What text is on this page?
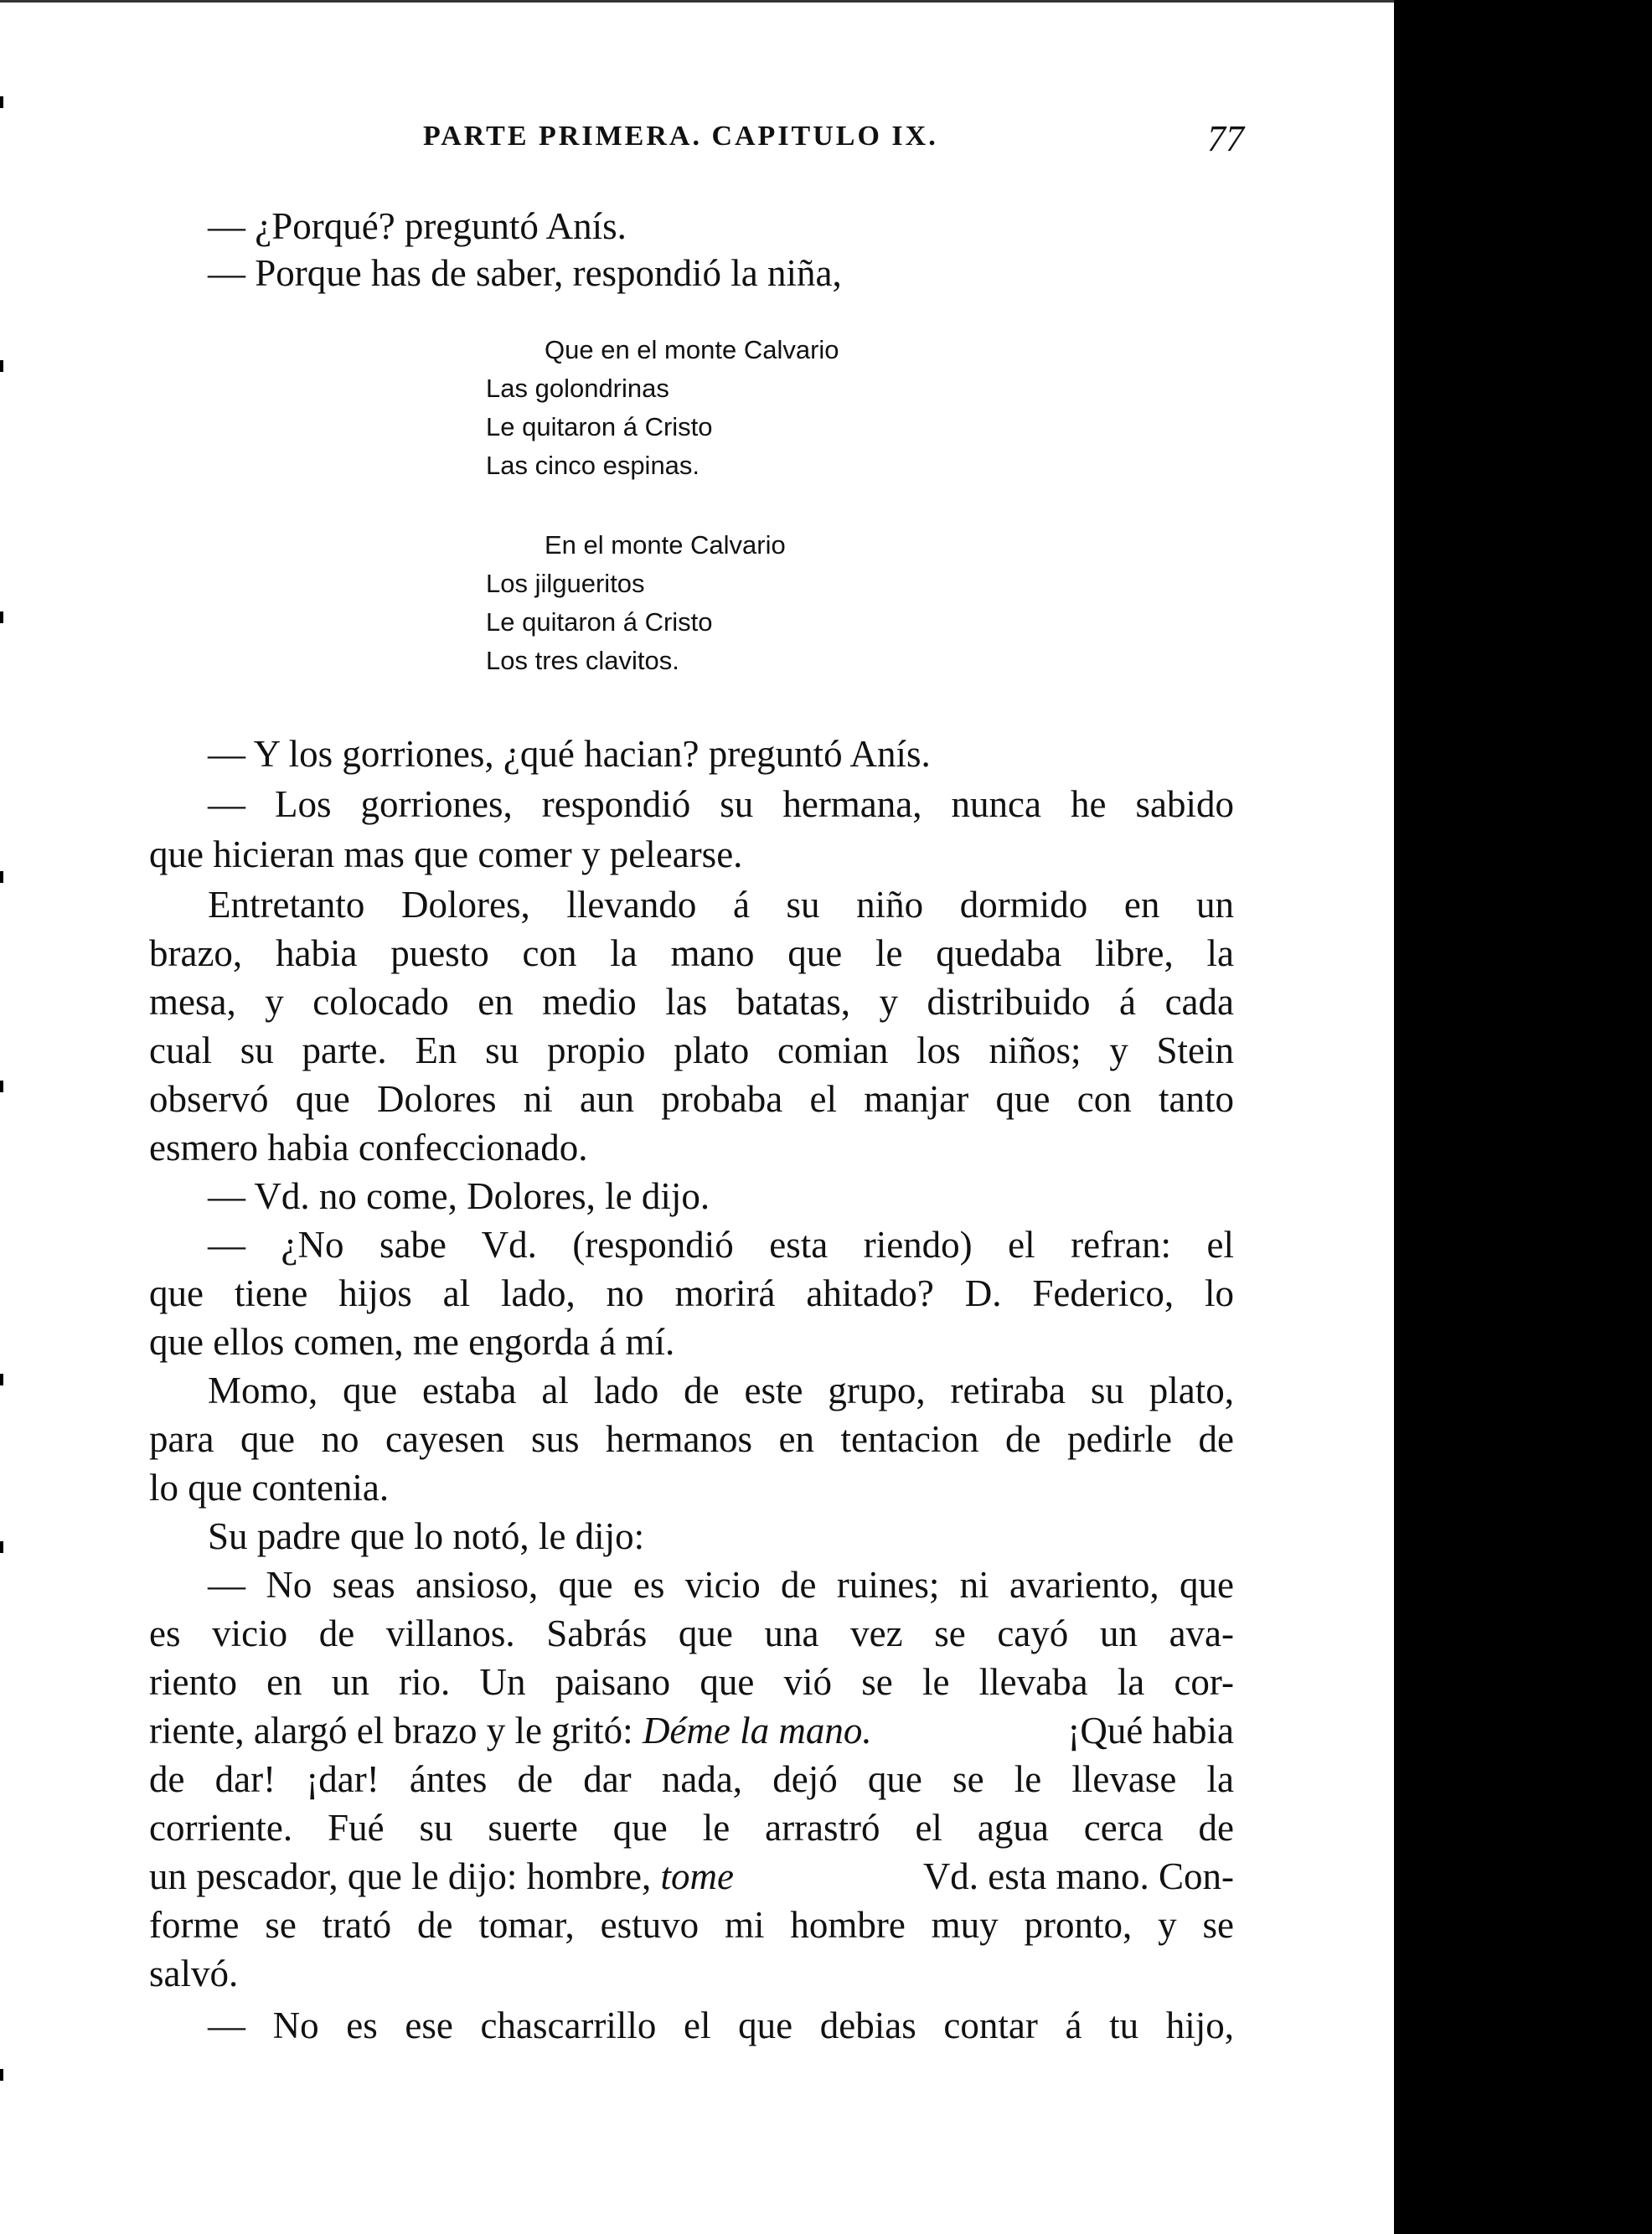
PARTE PRIMERA. CAPITULO IX.	77
— ¿Porqué? preguntó Anís.
— Porque has de saber, respondió la niña,
Que en el monte Calvario
Las golondrinas
Le quitaron á Cristo
Las cinco espinas.
En el monte Calvario
Los jilgueritos
Le quitaron á Cristo
Los tres clavitos.
— Y los gorriones, ¿qué hacian? preguntó Anís.
— Los gorriones, respondió su hermana, nunca he sabido
que hicieran mas que comer y pelearse.
Entretanto Dolores, llevando á su niño dormido en un
brazo, habia puesto con la mano que le quedaba libre, la
mesa, y colocado en medio las batatas, y distribuido á cada
cual su parte. En su propio plato comian los niños; y Stein
observó que Dolores ni aun probaba el manjar que con tanto
esmero habia confeccionado.
— Vd. no come, Dolores, le dijo.
— ¿No sabe Vd. (respondió esta riendo) el refran: el
que tiene hijos al lado, no morirá ahitado? D. Federico, lo
que ellos comen, me engorda á mí.
Momo, que estaba al lado de este grupo, retiraba su plato,
para que no cayesen sus hermanos en tentacion de pedirle de
lo que contenia.
Su padre que lo notó, le dijo:
— No seas ansioso, que es vicio de ruines; ni avariento, que
es vicio de villanos. Sabrás que una vez se cayó un ava-
riento en un rio. Un paisano que vió se le llevaba la cor-
riente, alargó el brazo y le gritó: Déme la mano.	¡Qué habia
de dar! ¡dar! ántes de dar nada, dejó que se le llevase la
corriente. Fué su suerte que le arrastró el agua cerca de
un pescador, que le dijo: hombre, tome	Vd. esta mano. Con-
forme se trató de tomar, estuvo mi hombre muy pronto, y se
salvó.
— No es ese chascarrillo el que debias contar á tu hijo,
